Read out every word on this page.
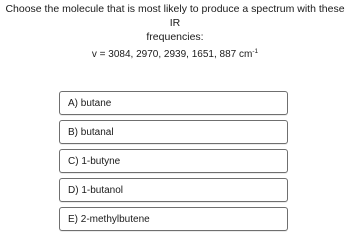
Choose the molecule that is most likely to produce a spectrum with these IR
frequencies:
v = 3084, 2970, 2939, 1651, 887 $cm^{-1}$
A) butane
B) butanal
C) 1-butyne
D) 1-butanol
E) 2-methylbutene
